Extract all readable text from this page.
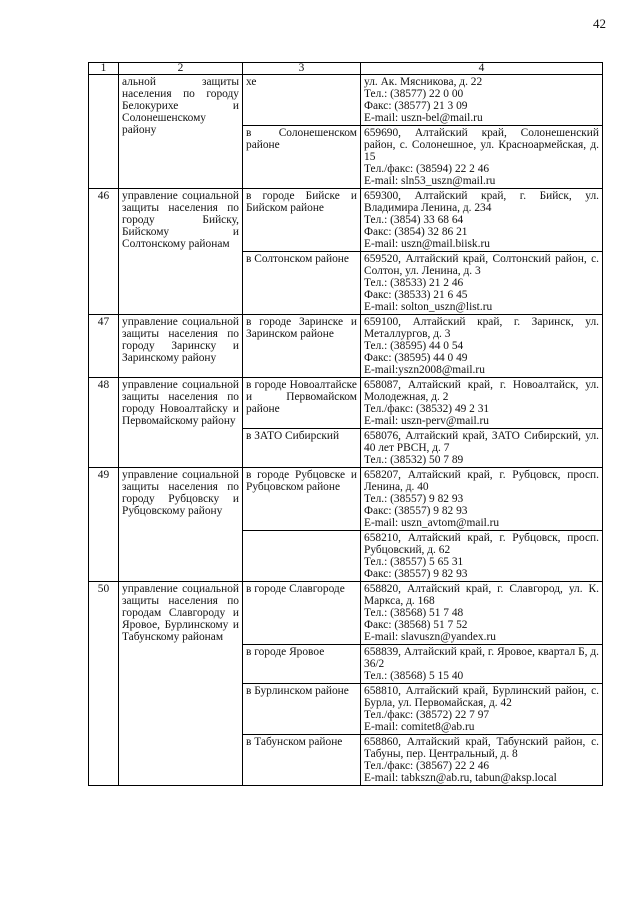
42
1	2	3	4
	альной защиты населения по городу Белокурихе и Солонешенскому району	хе	ул. Ак. Мясникова, д. 22
Тел.: (38577) 22 0 00
Факс: (38577) 21 3 09
E-mail: uszn-bel@mail.ru
		в Солонешенском районе	659690, Алтайский край, Солонешенский район, с. Солонешное, ул. Красноармейская, д. 15
Тел./факс: (38594) 22 2 46
E-mail: sln53_uszn@mail.ru
46	управление социальной защиты населения по городу Бийску, Бийскому и Солтонскому районам	в городе Бийске и Бийском районе	659300, Алтайский край, г. Бийск, ул. Владимира Ленина, д. 234
Тел.: (3854) 33 68 64
Факс: (3854) 32 86 21
E-mail: uszn@mail.biisk.ru
		в Солтонском районе	659520, Алтайский край, Солтонский район, с. Солтон, ул. Ленина, д. 3
Тел.: (38533) 21 2 46
Факс: (38533) 21 6 45
E-mail: solton_uszn@list.ru
47	управление социальной защиты населения по городу Заринску и Заринскому району	в городе Заринске и Заринском районе	659100, Алтайский край, г. Заринск, ул. Металлургов, д. 3
Тел.: (38595) 44 0 54
Факс: (38595) 44 0 49
E-mail:yszn2008@mail.ru
48	управление социальной защиты населения по городу Новоалтайску и Первомайскому району	в городе Новоалтайске и Первомайском районе	658087, Алтайский край, г. Новоалтайск, ул. Молодежная, д. 2
Тел./факс: (38532) 49 2 31
E-mail: uszn-perv@mail.ru
		в ЗАТО Сибирский	658076, Алтайский край, ЗАТО Сибирский, ул. 40 лет РВСН, д. 7
Тел.: (38532) 50 7 89
49	управление социальной защиты населения по городу Рубцовску и Рубцовскому району	в городе Рубцовске и Рубцовском районе	658207, Алтайский край, г. Рубцовск, просп. Ленина, д. 40
Тел.: (38557) 9 82 93
Факс: (38557) 9 82 93
E-mail: uszn_avtom@mail.ru
			658210, Алтайский край, г. Рубцовск, просп. Рубцовский, д. 62
Тел.: (38557) 5 65 31
Факс: (38557) 9 82 93
50	управление социальной защиты населения по городам Славгороду и Яровое, Бурлинскому и Табунскому районам	в городе Славгороде	658820, Алтайский край, г. Славгород, ул. К. Маркса, д. 168
Тел.: (38568) 51 7 48
Факс: (38568) 51 7 52
E-mail: slavuszn@yandex.ru
		в городе Яровое	658839, Алтайский край, г. Яровое, квартал Б, д. 36/2
Тел.: (38568) 5 15 40
		в Бурлинском районе	658810, Алтайский край, Бурлинский район, с. Бурла, ул. Первомайская, д. 42
Тел./факс: (38572) 22 7 97
E-mail: comitet8@ab.ru
		в Табунском районе	658860, Алтайский край, Табунский район, с. Табуны, пер. Центральный, д. 8
Тел./факс: (38567) 22 2 46
E-mail: tabkszn@ab.ru, tabun@aksp.local
